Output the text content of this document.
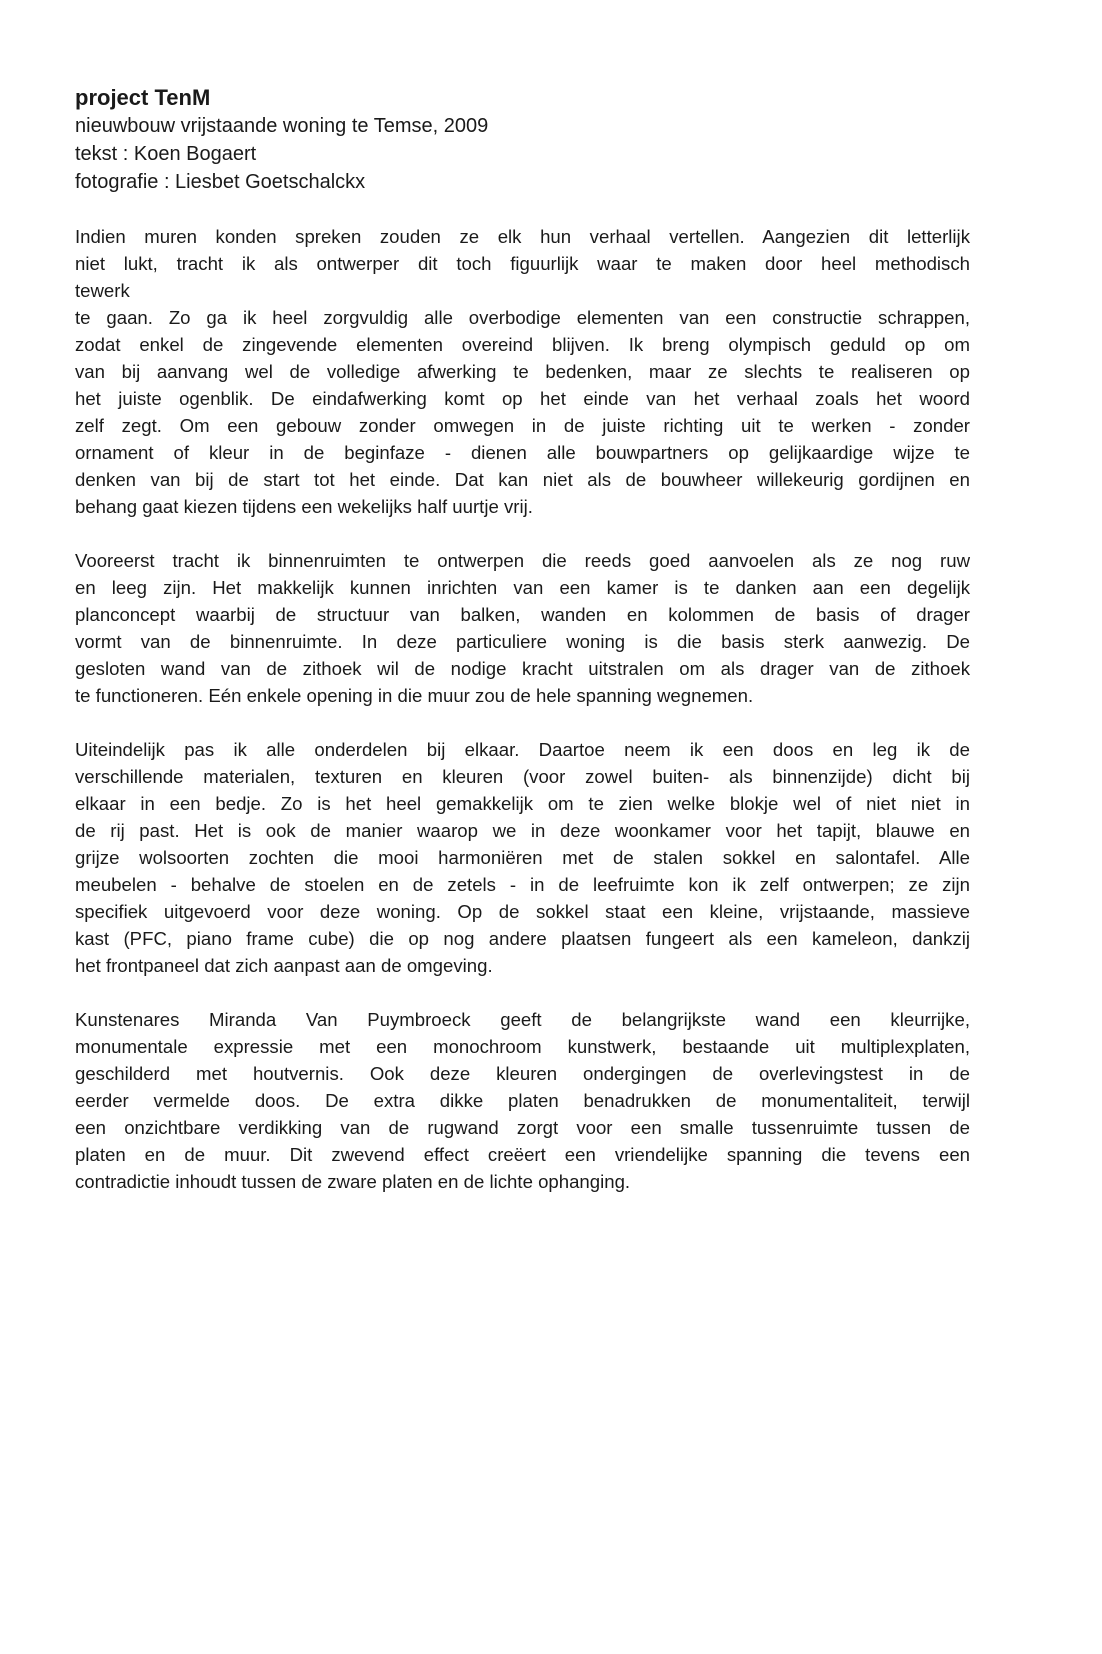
project TenM
nieuwbouw vrijstaande woning te Temse, 2009
tekst : Koen Bogaert
fotografie : Liesbet Goetschalckx
Indien muren konden spreken zouden ze elk hun verhaal vertellen. Aangezien dit letterlijk
niet lukt, tracht ik als ontwerper dit toch figuurlijk waar te maken door heel methodisch
tewerk
te gaan. Zo ga ik heel zorgvuldig alle overbodige elementen van een constructie schrappen,
zodat enkel de zingevende elementen overeind blijven. Ik breng olympisch geduld op om
van bij aanvang wel de volledige afwerking te bedenken, maar ze slechts te realiseren op
het juiste ogenblik. De eindafwerking komt op het einde van het verhaal zoals het woord
zelf zegt. Om een gebouw zonder omwegen in de juiste richting uit te werken - zonder
ornament of kleur in de beginfaze - dienen alle bouwpartners op gelijkaardige wijze te
denken van bij de start tot het einde. Dat kan niet als de bouwheer willekeurig gordijnen en
behang gaat kiezen tijdens een wekelijks half uurtje vrij.
Vooreerst tracht ik binnenruimten te ontwerpen die reeds goed aanvoelen als ze nog ruw
en leeg zijn. Het makkelijk kunnen inrichten van een kamer is te danken aan een degelijk
planconcept waarbij de structuur van balken, wanden en kolommen de basis of drager
vormt van de binnenruimte. In deze particuliere woning is die basis sterk aanwezig. De
gesloten wand van de zithoek wil de nodige kracht uitstralen om als drager van de zithoek
te functioneren. Eén enkele opening in die muur zou de hele spanning wegnemen.
Uiteindelijk pas ik alle onderdelen bij elkaar. Daartoe neem ik een doos en leg ik de
verschillende materialen, texturen en kleuren (voor zowel buiten- als binnenzijde) dicht bij
elkaar in een bedje. Zo is het heel gemakkelijk om te zien welke blokje wel of niet niet in
de rij past. Het is ook de manier waarop we in deze woonkamer voor het tapijt, blauwe en
grijze wolsoorten zochten die mooi harmoniëren met de stalen sokkel en salontafel. Alle
meubelen - behalve de stoelen en de zetels - in de leefruimte kon ik zelf ontwerpen; ze zijn
specifiek uitgevoerd voor deze woning. Op de sokkel staat een kleine, vrijstaande, massieve
kast (PFC, piano frame cube) die op nog andere plaatsen fungeert als een kameleon, dankzij
het frontpaneel dat zich aanpast aan de omgeving.
Kunstenares Miranda Van Puymbroeck geeft de belangrijkste wand een kleurrijke,
monumentale expressie met een monochroom kunstwerk, bestaande uit multiplexplaten,
geschilderd met houtvernis. Ook deze kleuren ondergingen de overlevingstest in de
eerder vermelde doos. De extra dikke platen benadrukken de monumentaliteit, terwijl
een onzichtbare verdikking van de rugwand zorgt voor een smalle tussenruimte tussen de
platen en de muur. Dit zwevend effect creëert een vriendelijke spanning die tevens een
contradictie inhoudt tussen de zware platen en de lichte ophanging.
